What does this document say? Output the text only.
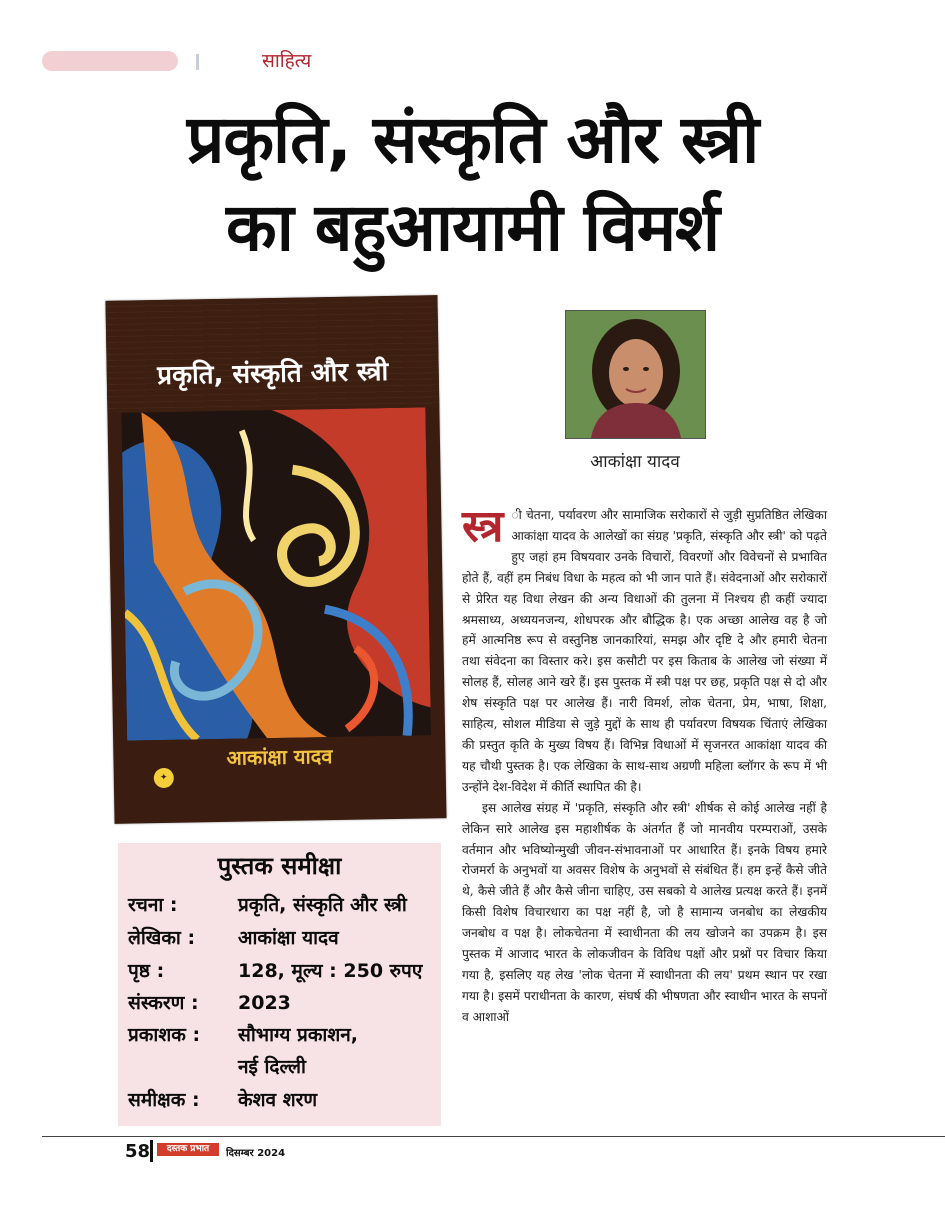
साहित्य
प्रकृति, संस्कृति और स्त्री
का बहुआयामी विमर्श
प्रकृति, संस्कृति और स्त्री
आकांक्षा यादव
✦
आकांक्षा यादव
पुस्तक समीक्षा
रचना :	प्रकृति, संस्कृति और स्त्री
लेखिका : आकांक्षा यादव
पृष्ठ :	128, मूल्य : 250 रुपए
संस्करण : 2023
प्रकाशक : सौभाग्य प्रकाशन,
नई दिल्ली
समीक्षक : केशव शरण

स्त्र ी चेतना, पर्यावरण और सामाजिक सरोकारों से जुड़ी सुप्रतिष्ठित लेखिका आकांक्षा यादव के आलेखों का संग्रह 'प्रकृति, संस्कृति और स्त्री' को पढ़ते हुए जहां हम विषयवार उनके विचारों, विवरणों और विवेचनों से प्रभावित होते हैं, वहीं हम निबंध विधा के महत्व को भी जान पाते हैं। संवेदनाओं और सरोकारों से प्रेरित यह विधा लेखन की अन्य विधाओं की तुलना में निश्चय ही कहीं ज्यादा श्रमसाध्य, अध्ययनजन्य, शोधपरक और बौद्धिक है। एक अच्छा आलेख वह है जो हमें आत्मनिष्ठ रूप से वस्तुनिष्ठ जानकारियां, समझ और दृष्टि दे और हमारी चेतना तथा संवेदना का विस्तार करे। इस कसौटी पर इस किताब के आलेख जो संख्या में सोलह हैं, सोलह आने खरे हैं। इस पुस्तक में स्त्री पक्ष पर छह, प्रकृति पक्ष से दो और शेष संस्कृति पक्ष पर आलेख हैं। नारी विमर्श, लोक चेतना, प्रेम, भाषा, शिक्षा, साहित्य, सोशल मीडिया से जुड़े मुद्दों के साथ ही पर्यावरण विषयक चिंताएं लेखिका की प्रस्तुत कृति के मुख्य विषय हैं। विभिन्न विधाओं में सृजनरत आकांक्षा यादव की यह चौथी पुस्तक है। एक लेखिका के साथ-साथ अग्रणी महिला ब्लॉगर के रूप में भी उन्होंने देश-विदेश में कीर्ति स्थापित की है।

इस आलेख संग्रह में 'प्रकृति, संस्कृति और स्त्री' शीर्षक से कोई आलेख नहीं है लेकिन सारे आलेख इस महाशीर्षक के अंतर्गत हैं जो मानवीय परम्पराओं, उसके वर्तमान और भविष्योन्मुखी जीवन-संभावनाओं पर आधारित हैं। इनके विषय हमारे रोजमर्रा के अनुभवों या अवसर विशेष के अनुभवों से संबंधित हैं। हम इन्हें कैसे जीते थे, कैसे जीते हैं और कैसे जीना चाहिए, उस सबको ये आलेख प्रत्यक्ष करते हैं। इनमें किसी विशेष विचारधारा का पक्ष नहीं है, जो है सामान्य जनबोध का लेखकीय जनबोध व पक्ष है। लोकचेतना में स्वाधीनता की लय खोजने का उपक्रम है। इस पुस्तक में आजाद भारत के लोकजीवन के विविध पक्षों और प्रश्नों पर विचार किया गया है, इसलिए यह लेख 'लोक चेतना में स्वाधीनता की लय' प्रथम स्थान पर रखा गया है। इसमें पराधीनता के कारण, संघर्ष की भीषणता और स्वाधीन भारत के सपनों व आशाओं

58	दस्तक प्रभात	दिसम्बर 2024
